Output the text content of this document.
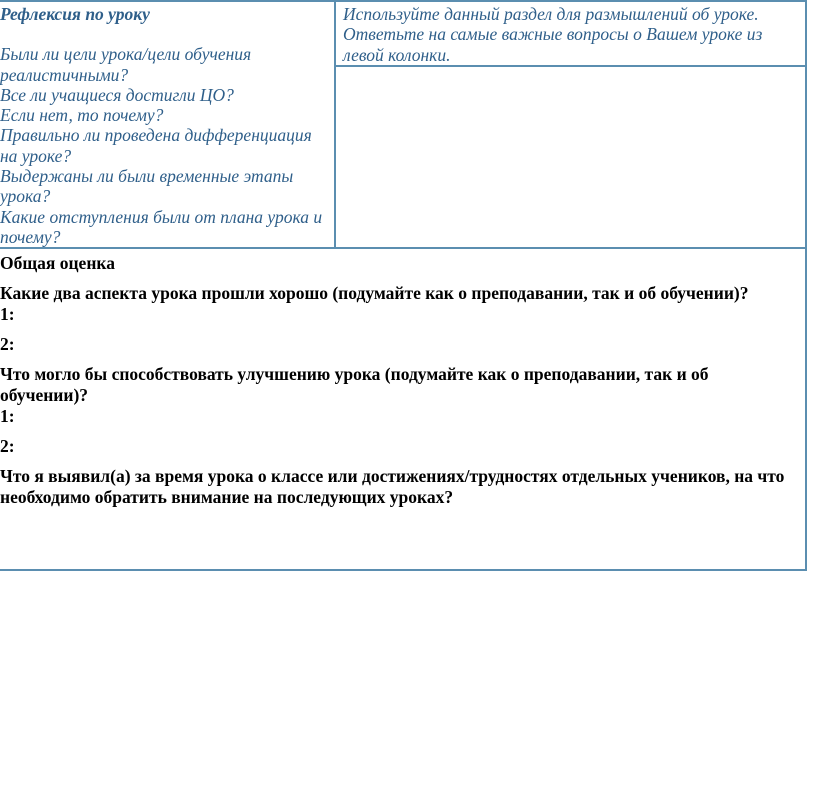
Рефлексия по уроку
Были ли цели урока/цели обучения
реалистичными?
Все ли учащиеся достигли ЦО?
Если нет, то почему?
Правильно ли проведена дифференциация
на уроке?
Выдержаны ли были временные этапы
урока?
Какие отступления были от плана урока и
почему?

Используйте данный раздел для размышлений об уроке.
Ответьте на самые важные вопросы о Вашем уроке из
левой колонки.

Общая оценка
Какие два аспекта урока прошли хорошо (подумайте как о преподавании, так и об обучении)?
1:
2:
Что могло бы способствовать улучшению урока (подумайте как о преподавании, так и об
обучении)?
1:
2:
Что я выявил(а) за время урока о классе или достижениях/трудностях отдельных учеников, на что
необходимо обратить внимание на последующих уроках?
